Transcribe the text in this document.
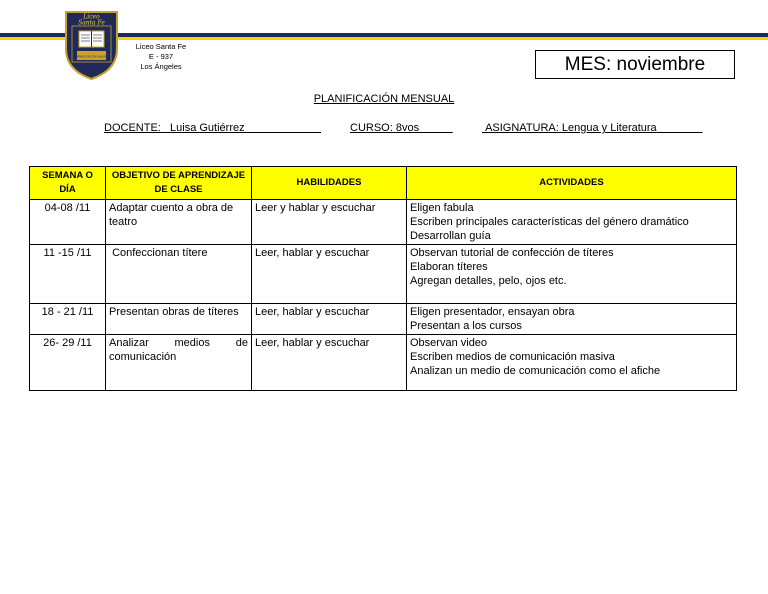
Liceo
Santa Fe
FORMACIÓN CON VALORES
Liceo Santa Fe
E - 937
Los Ángeles	MES: noviembre
PLANIFICACIÓN MENSUAL
DOCENTE: Luisa Gutiérrez	CURSO: 8vos	ASIGNATURA: Lengua y Literatura
SEMANA O DÍA	OBJETIVO DE APRENDIZAJE DE CLASE	HABILIDADES	ACTIVIDADES
04-08 /11	Adaptar cuento a obra de teatro	Leer y hablar y escuchar	Eligen fabula
Escriben principales características del género dramático
Desarrollan guía

11 -15 /11	Confeccionan títere	Leer, hablar y escuchar	Observan tutorial de confección de títeres
Elaboran títeres
Agregan detalles, pelo, ojos etc.

18 - 21 /11	Presentan obras de títeres	Leer, hablar y escuchar	Eligen presentador, ensayan obra
Presentan a los cursos

26- 29 /11	Analizar medios de comunicación	Leer, hablar y escuchar	Observan video
Escriben medios de comunicación masiva
Analizan un medio de comunicación como el afiche
